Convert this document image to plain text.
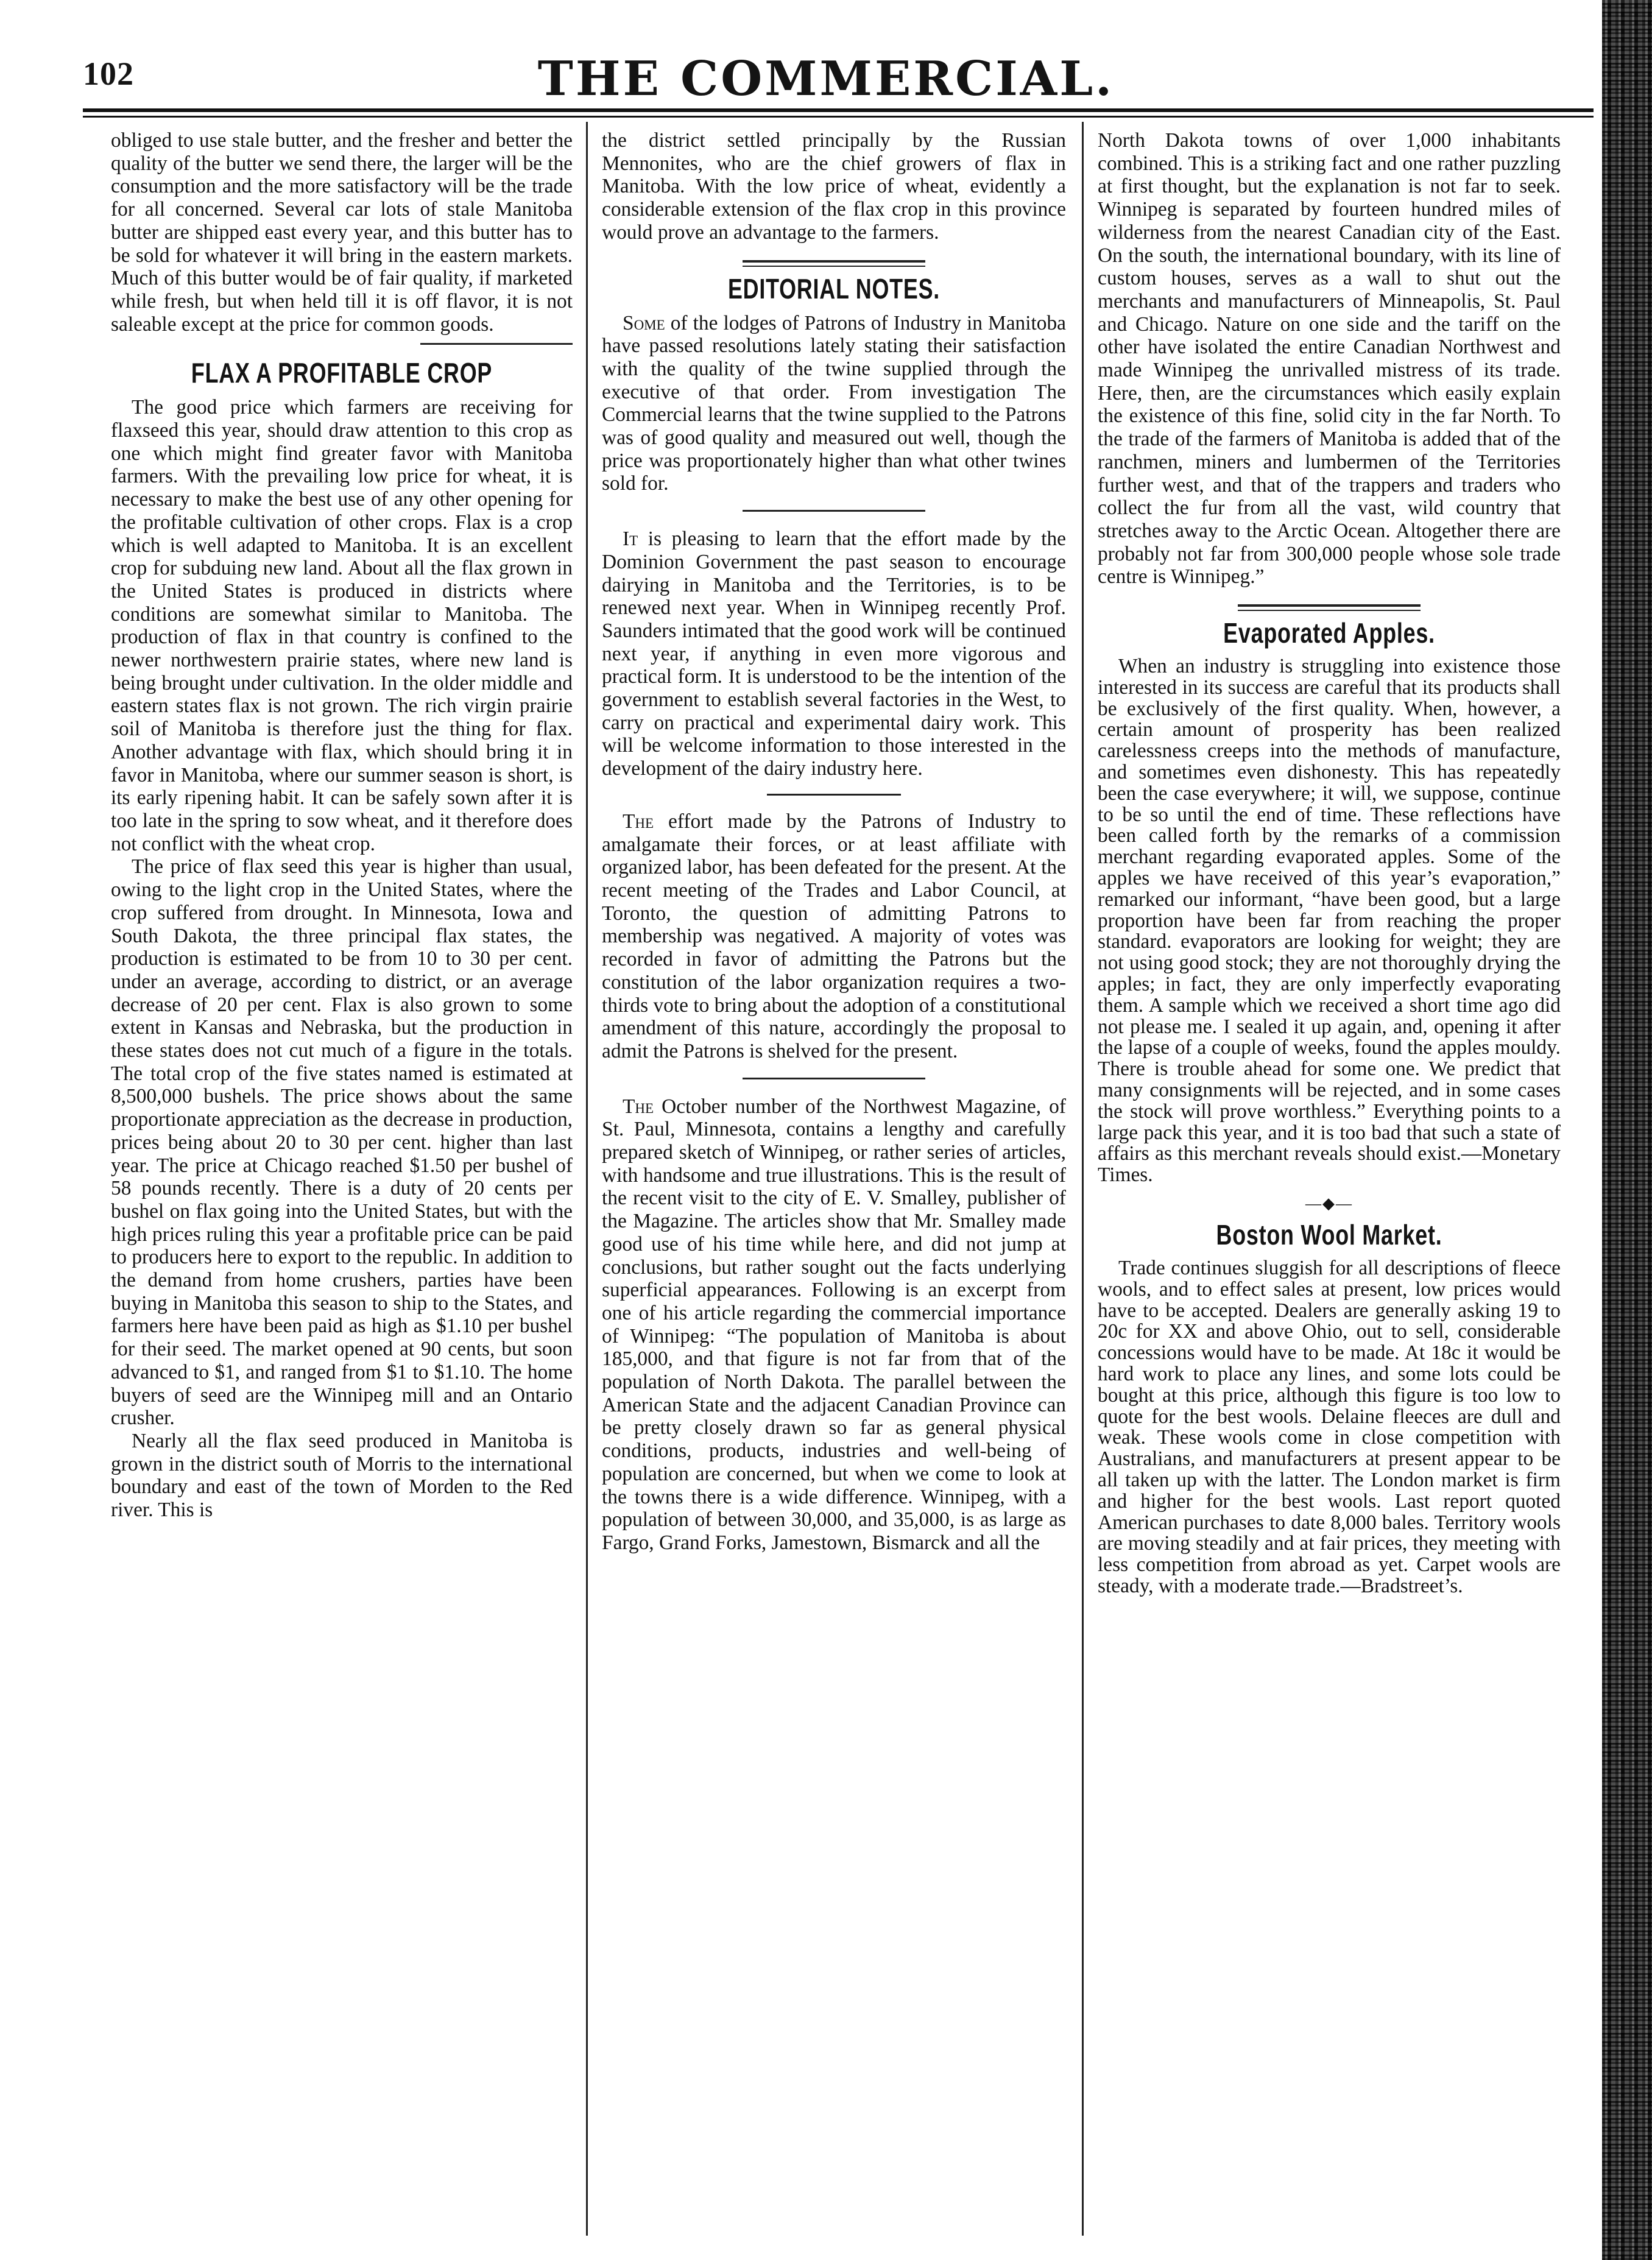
102	THE COMMERCIAL.

obliged to use stale butter, and the fresher and better the quality of the butter we send there, the larger will be the consumption and the more satisfactory will be the trade for all concerned. Several car lots of stale Manitoba butter are shipped east every year, and this butter has to be sold for whatever it will bring in the eastern markets. Much of this butter would be of fair quality, if marketed while fresh, but when held till it is off flavor, it is not saleable except at the price for common goods.

FLAX A PROFITABLE CROP

The good price which farmers are receiving for flaxseed this year, should draw attention to this crop as one which might find greater favor with Manitoba farmers. With the prevailing low price for wheat, it is necessary to make the best use of any other opening for the profitable cultivation of other crops. Flax is a crop which is well adapted to Manitoba. It is an excellent crop for subduing new land. About all the flax grown in the United States is produced in districts where conditions are somewhat similar to Manitoba. The production of flax in that country is confined to the newer northwestern prairie states, where new land is being brought under cultivation. In the older middle and eastern states flax is not grown. The rich virgin prairie soil of Manitoba is therefore just the thing for flax. Another advantage with flax, which should bring it in favor in Manitoba, where our summer season is short, is its early ripening habit. It can be safely sown after it is too late in the spring to sow wheat, and it therefore does not conflict with the wheat crop.

The price of flax seed this year is higher than usual, owing to the light crop in the United States, where the crop suffered from drought. In Minnesota, Iowa and South Dakota, the three principal flax states, the production is estimated to be from 10 to 30 per cent. under an average, according to district, or an average decrease of 20 per cent. Flax is also grown to some extent in Kansas and Nebraska, but the production in these states does not cut much of a figure in the totals. The total crop of the five states named is estimated at 8,500,000 bushels. The price shows about the same proportionate appreciation as the decrease in production, prices being about 20 to 30 per cent. higher than last year. The price at Chicago reached $1.50 per bushel of 58 pounds recently. There is a duty of 20 cents per bushel on flax going into the United States, but with the high prices ruling this year a profitable price can be paid to producers here to export to the republic. In addition to the demand from home crushers, parties have been buying in Manitoba this season to ship to the States, and farmers here have been paid as high as $1.10 per bushel for their seed. The market opened at 90 cents, but soon advanced to $1, and ranged from $1 to $1.10. The home buyers of seed are the Winnipeg mill and an Ontario crusher.

Nearly all the flax seed produced in Manitoba is grown in the district south of Morris to the international boundary and east of the town of Morden to the Red river. This is

the district settled principally by the Russian Mennonites, who are the chief growers of flax in Manitoba. With the low price of wheat, evidently a considerable extension of the flax crop in this province would prove an advantage to the farmers.

EDITORIAL NOTES.

Some of the lodges of Patrons of Industry in Manitoba have passed resolutions lately stating their satisfaction with the quality of the twine supplied through the executive of that order. From investigation The Commercial learns that the twine supplied to the Patrons was of good quality and measured out well, though the price was proportionately higher than what other twines sold for.

It is pleasing to learn that the effort made by the Dominion Government the past season to encourage dairying in Manitoba and the Territories, is to be renewed next year. When in Winnipeg recently Prof. Saunders intimated that the good work will be continued next year, if anything in even more vigorous and practical form. It is understood to be the intention of the government to establish several factories in the West, to carry on practical and experimental dairy work. This will be welcome information to those interested in the development of the dairy industry here.

The effort made by the Patrons of Industry to amalgamate their forces, or at least affiliate with organized labor, has been defeated for the present. At the recent meeting of the Trades and Labor Council, at Toronto, the question of admitting Patrons to membership was negatived. A majority of votes was recorded in favor of admitting the Patrons but the constitution of the labor organization requires a two-thirds vote to bring about the adoption of a constitutional amendment of this nature, accordingly the proposal to admit the Patrons is shelved for the present.

The October number of the Northwest Magazine, of St. Paul, Minnesota, contains a lengthy and carefully prepared sketch of Winnipeg, or rather series of articles, with handsome and true illustrations. This is the result of the recent visit to the city of E. V. Smalley, publisher of the Magazine. The articles show that Mr. Smalley made good use of his time while here, and did not jump at conclusions, but rather sought out the facts underlying superficial appearances. Following is an excerpt from one of his article regarding the commercial importance of Winnipeg: “The population of Manitoba is about 185,000, and that figure is not far from that of the population of North Dakota. The parallel between the American State and the adjacent Canadian Province can be pretty closely drawn so far as general physical conditions, products, industries and well-being of population are concerned, but when we come to look at the towns there is a wide difference. Winnipeg, with a population of between 30,000, and 35,000, is as large as Fargo, Grand Forks, Jamestown, Bismarck and all the

North Dakota towns of over 1,000 inhabitants combined. This is a striking fact and one rather puzzling at first thought, but the explanation is not far to seek. Winnipeg is separated by fourteen hundred miles of wilderness from the nearest Canadian city of the East. On the south, the international boundary, with its line of custom houses, serves as a wall to shut out the merchants and manufacturers of Minneapolis, St. Paul and Chicago. Nature on one side and the tariff on the other have isolated the entire Canadian Northwest and made Winnipeg the unrivalled mistress of its trade. Here, then, are the circumstances which easily explain the existence of this fine, solid city in the far North. To the trade of the farmers of Manitoba is added that of the ranchmen, miners and lumbermen of the Territories further west, and that of the trappers and traders who collect the fur from all the vast, wild country that stretches away to the Arctic Ocean. Altogether there are probably not far from 300,000 people whose sole trade centre is Winnipeg.”

Evaporated Apples.

When an industry is struggling into existence those interested in its success are careful that its products shall be exclusively of the first quality. When, however, a certain amount of prosperity has been realized carelessness creeps into the methods of manufacture, and sometimes even dishonesty. This has repeatedly been the case everywhere; it will, we suppose, continue to be so until the end of time. These reflections have been called forth by the remarks of a commission merchant regarding evaporated apples. Some of the apples we have received of this year’s evaporation,” remarked our informant, “have been good, but a large proportion have been far from reaching the proper standard. evaporators are looking for weight; they are not using good stock; they are not thoroughly drying the apples; in fact, they are only imperfectly evaporating them. A sample which we received a short time ago did not please me. I sealed it up again, and, opening it after the lapse of a couple of weeks, found the apples mouldy. There is trouble ahead for some one. We predict that many consignments will be rejected, and in some cases the stock will prove worthless.” Everything points to a large pack this year, and it is too bad that such a state of affairs as this merchant reveals should exist.—Monetary Times.

—◆—
Boston Wool Market.

Trade continues sluggish for all descriptions of fleece wools, and to effect sales at present, low prices would have to be accepted. Dealers are generally asking 19 to 20c for XX and above Ohio, out to sell, considerable concessions would have to be made. At 18c it would be hard work to place any lines, and some lots could be bought at this price, although this figure is too low to quote for the best wools. Delaine fleeces are dull and weak. These wools come in close competition with Australians, and manufacturers at present appear to be all taken up with the latter. The London market is firm and higher for the best wools. Last report quoted American purchases to date 8,000 bales. Territory wools are moving steadily and at fair prices, they meeting with less competition from abroad as yet. Carpet wools are steady, with a moderate trade.—Bradstreet’s.
